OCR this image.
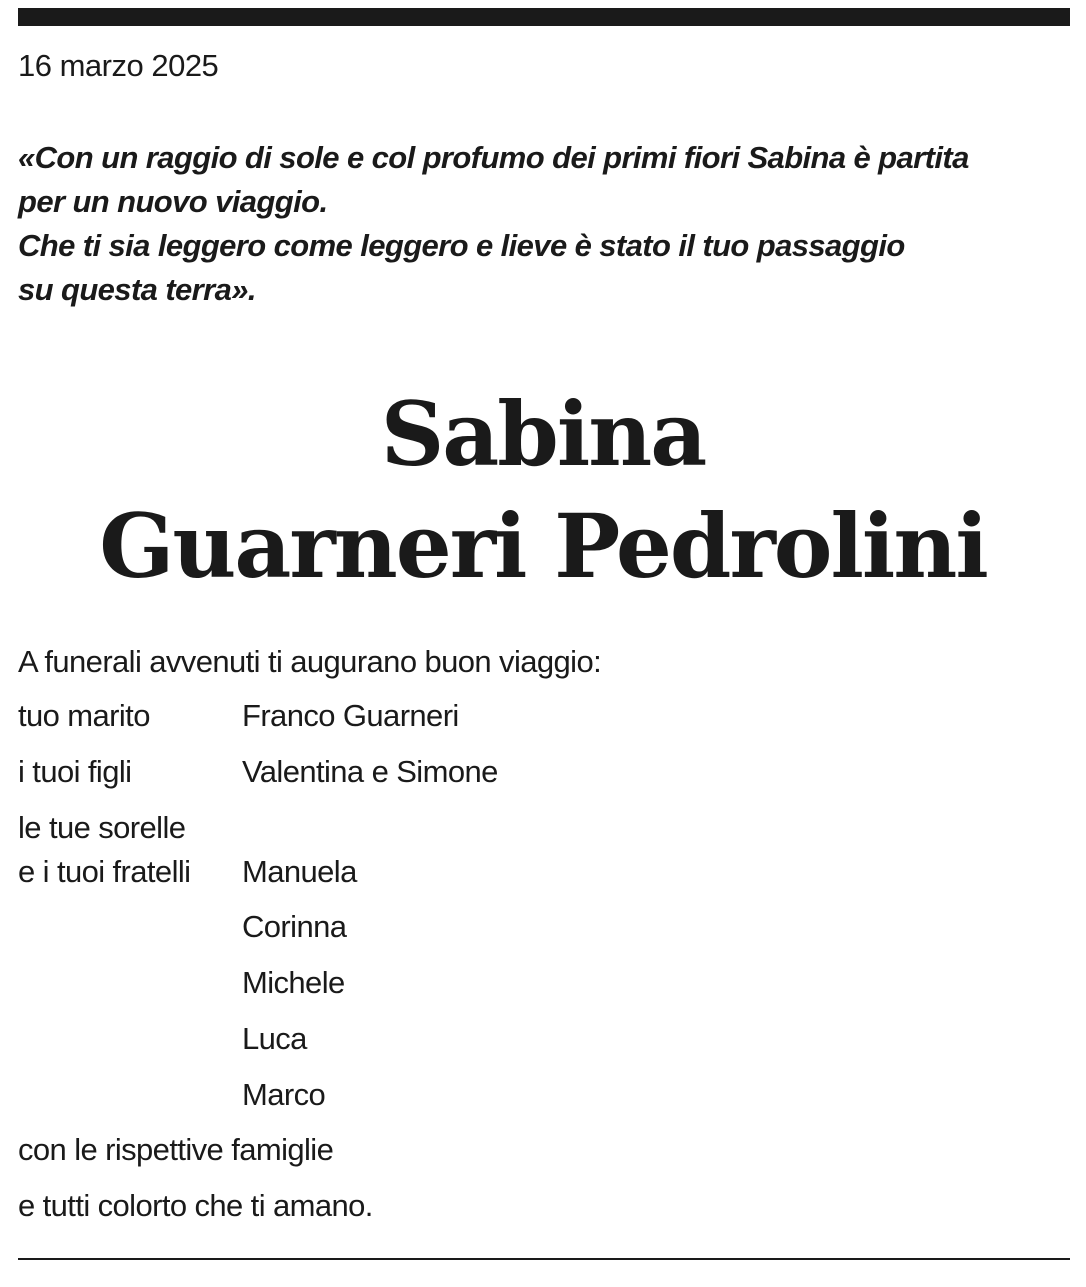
16 marzo 2025
«Con un raggio di sole e col profumo dei primi fiori Sabina è partita
per un nuovo viaggio.
Che ti sia leggero come leggero e lieve è stato il tuo passaggio
su questa terra».
Sabina
Guarneri Pedrolini
A funerali avvenuti ti augurano buon viaggio:
tuo marito	Franco Guarneri
i tuoi figli	Valentina e Simone
le tue sorelle
e i tuoi fratelli Manuela
Corinna
Michele
Luca
Marco
con le rispettive famiglie
e tutti colorto che ti amano.
